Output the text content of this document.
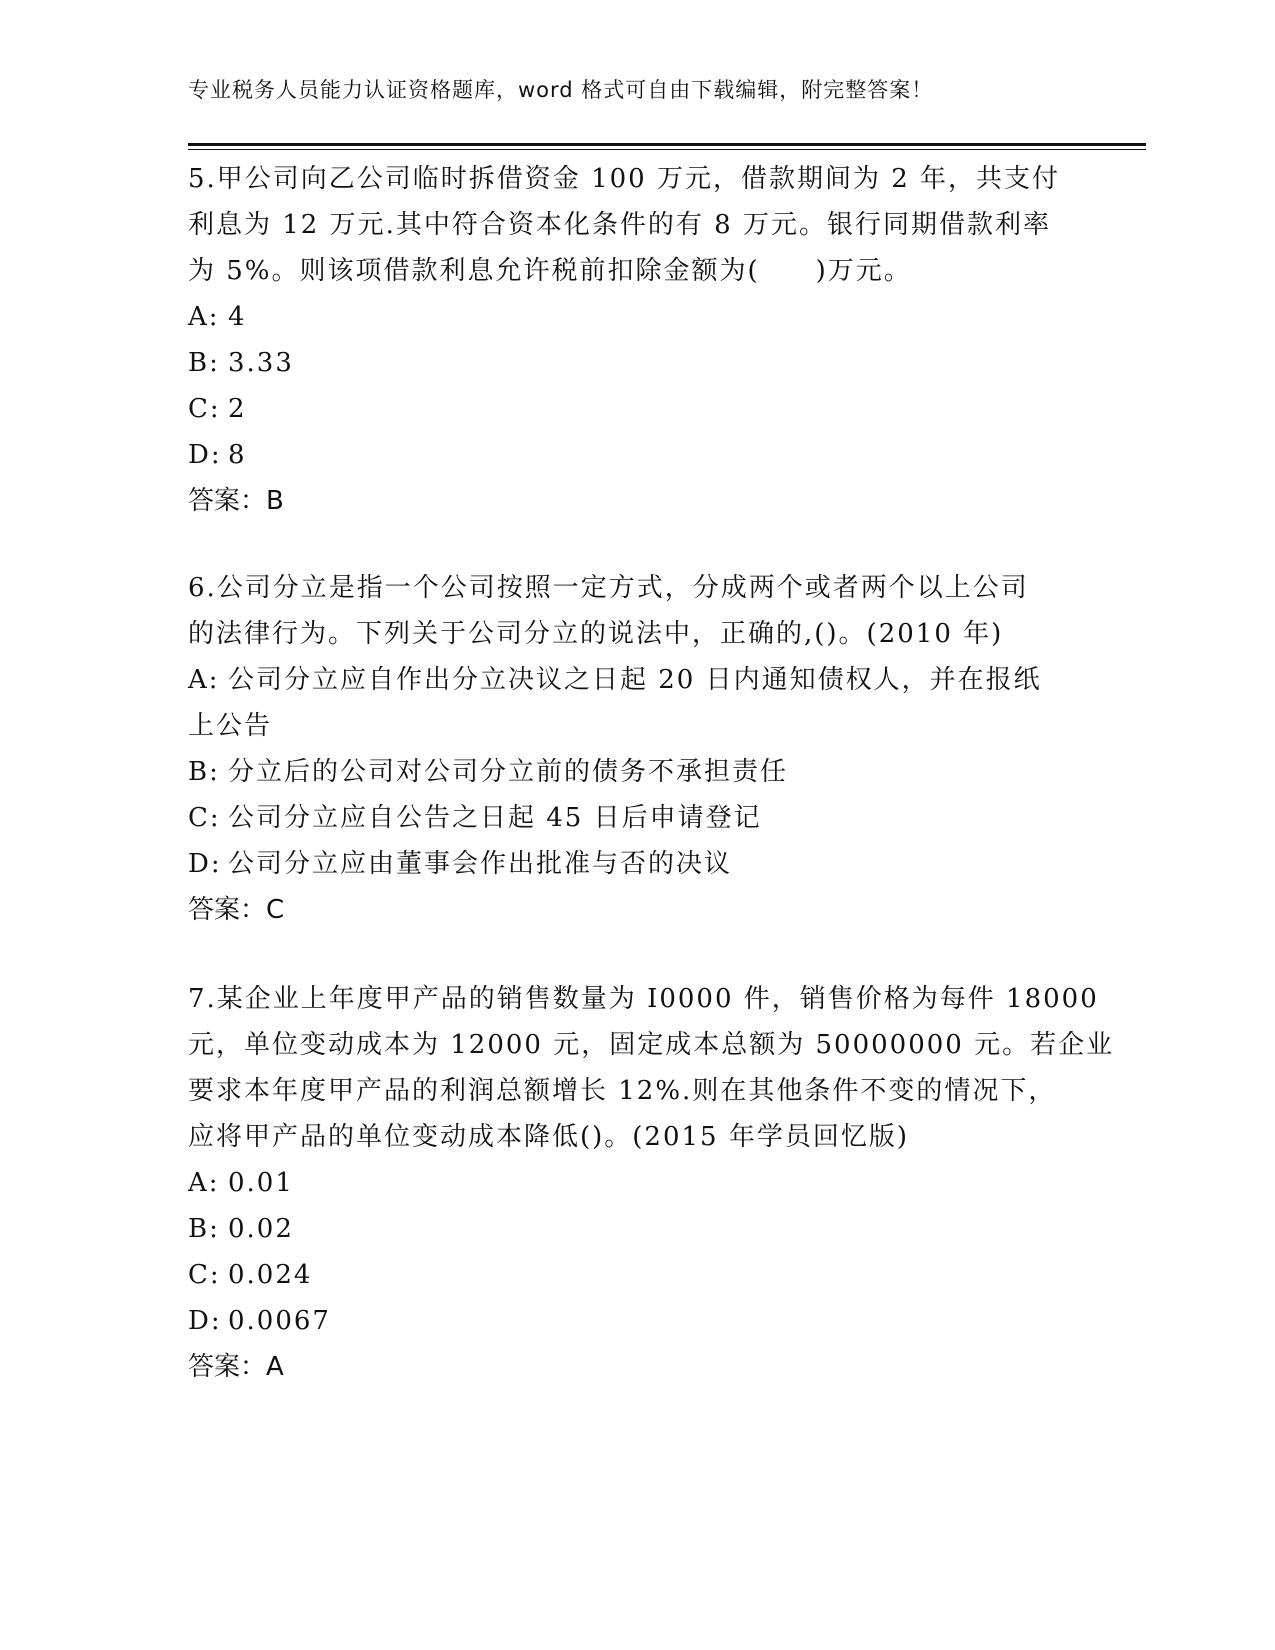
专业税务人员能力认证资格题库，word 格式可自由下载编辑，附完整答案！

5.甲公司向乙公司临时拆借资金 100 万元，借款期间为 2 年，共支付

利息为 12 万元.其中符合资本化条件的有 8 万元。银行同期借款利率

为 5%。则该项借款利息允许税前扣除金额为(　　)万元。

A: 4

B: 3.33

C: 2

D: 8

答案：B

6.公司分立是指一个公司按照一定方式，分成两个或者两个以上公司

的法律行为。下列关于公司分立的说法中，正确的,()。(2010 年)

A: 公司分立应自作出分立决议之日起 20 日内通知债权人，并在报纸

上公告

B: 分立后的公司对公司分立前的债务不承担责任

C: 公司分立应自公告之日起 45 日后申请登记

D: 公司分立应由董事会作出批准与否的决议

答案：C

7.某企业上年度甲产品的销售数量为 I0000 件，销售价格为每件 18000

元，单位变动成本为 12000 元，固定成本总额为 50000000 元。若企业

要求本年度甲产品的利润总额增长 12%.则在其他条件不变的情况下，

应将甲产品的单位变动成本降低()。(2015 年学员回忆版)

A: 0.01

B: 0.02

C: 0.024

D: 0.0067

答案：A
